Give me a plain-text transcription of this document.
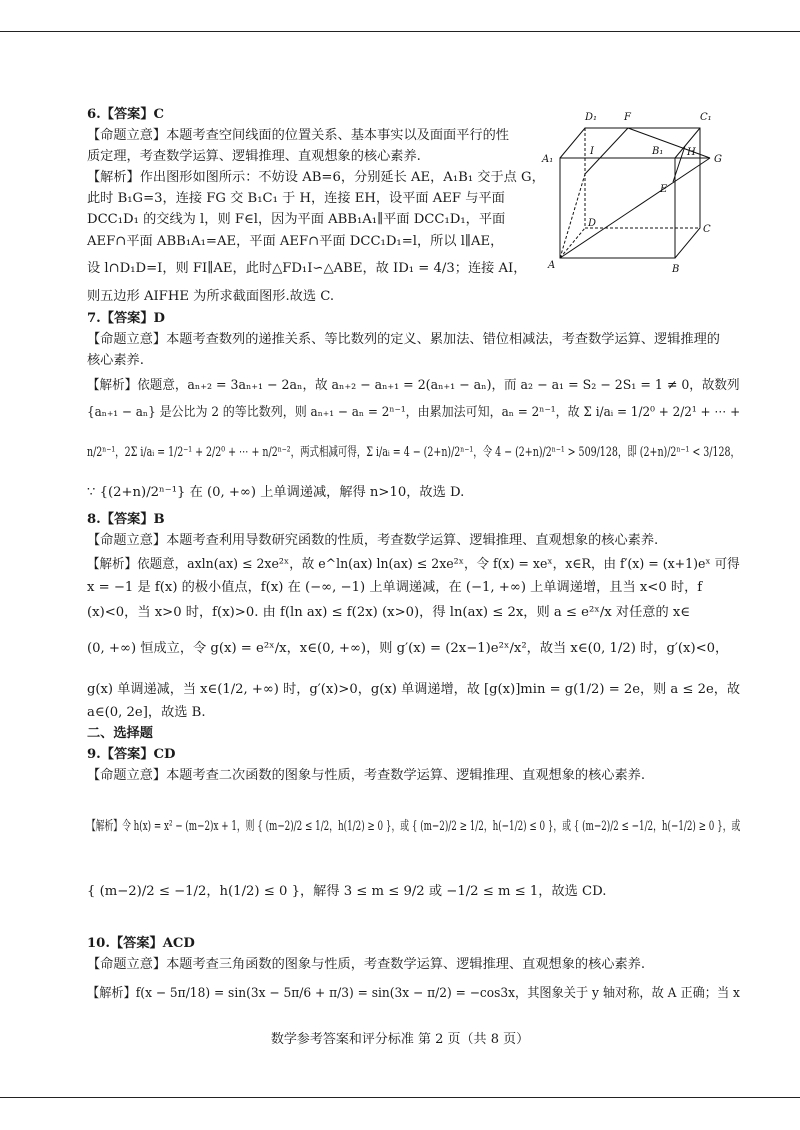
6.【答案】C
【命题立意】本题考查空间线面的位置关系、基本事实以及面面平行的性
质定理，考查数学运算、逻辑推理、直观想象的核心素养.
【解析】作出图形如图所示：不妨设 AB=6，分别延长 AE，A₁B₁ 交于点 G，
此时 B₁G=3，连接 FG 交 B₁C₁ 于 H，连接 EH，设平面 AEF 与平面
DCC₁D₁ 的交线为 l，则 F∈l，因为平面 ABB₁A₁∥平面 DCC₁D₁，平面
AEF∩平面 ABB₁A₁=AE，平面 AEF∩平面 DCC₁D₁=l，所以 l∥AE，
设 l∩D₁D=I，则 FI∥AE，此时△FD₁I∽△ABE，故 ID₁ = 4/3；连接 AI，
则五边形 AIFHE 为所求截面图形.故选 C.
7.【答案】D
【命题立意】本题考查数列的递推关系、等比数列的定义、累加法、错位相减法，考查数学运算、逻辑推理的
核心素养.
【解析】依题意，aₙ₊₂ = 3aₙ₊₁ − 2aₙ，故 aₙ₊₂ − aₙ₊₁ = 2(aₙ₊₁ − aₙ)，而 a₂ − a₁ = S₂ − 2S₁ = 1 ≠ 0，故数列
{aₙ₊₁ − aₙ} 是公比为 2 的等比数列，则 aₙ₊₁ − aₙ = 2ⁿ⁻¹，由累加法可知，aₙ = 2ⁿ⁻¹，故 Σ i/aᵢ = 1/2⁰ + 2/2¹ + ⋯ +
n/2ⁿ⁻¹，2Σ i/aᵢ = 1/2⁻¹ + 2/2⁰ + ⋯ + n/2ⁿ⁻²，两式相减可得，Σ i/aᵢ = 4 − (2+n)/2ⁿ⁻¹，令 4 − (2+n)/2ⁿ⁻¹ > 509/128，即 (2+n)/2ⁿ⁻¹ < 3/128，
∵ {(2+n)/2ⁿ⁻¹} 在 (0, +∞) 上单调递减，解得 n>10，故选 D.
8.【答案】B
【命题立意】本题考查利用导数研究函数的性质，考查数学运算、逻辑推理、直观想象的核心素养.
【解析】依题意，axln(ax) ≤ 2xe²ˣ，故 e^ln(ax) ln(ax) ≤ 2xe²ˣ，令 f(x) = xeˣ，x∈R，由 f′(x) = (x+1)eˣ 可得
x = −1 是 f(x) 的极小值点，f(x) 在 (−∞, −1) 上单调递减，在 (−1, +∞) 上单调递增，且当 x<0 时，f
(x)<0，当 x>0 时，f(x)>0. 由 f(ln ax) ≤ f(2x) (x>0)，得 ln(ax) ≤ 2x，则 a ≤ e²ˣ/x 对任意的 x∈
(0, +∞) 恒成立，令 g(x) = e²ˣ/x，x∈(0, +∞)，则 g′(x) = (2x−1)e²ˣ/x²，故当 x∈(0, 1/2) 时，g′(x)<0，
g(x) 单调递减，当 x∈(1/2, +∞) 时，g′(x)>0，g(x) 单调递增，故 [g(x)]min = g(1/2) = 2e，则 a ≤ 2e，故
a∈(0, 2e]，故选 B.
二、选择题
9.【答案】CD
【命题立意】本题考查二次函数的图象与性质，考查数学运算、逻辑推理、直观想象的核心素养.
【解析】令 h(x) = x² − (m−2)x + 1，则 { (m−2)/2 ≤ 1/2，h(1/2) ≥ 0 }，或 { (m−2)/2 ≥ 1/2，h(−1/2) ≤ 0 }，或 { (m−2)/2 ≤ −1/2，h(−1/2) ≥ 0 }，或
{ (m−2)/2 ≤ −1/2，h(1/2) ≤ 0 }，解得 3 ≤ m ≤ 9/2 或 −1/2 ≤ m ≤ 1，故选 CD.
10.【答案】ACD
【命题立意】本题考查三角函数的图象与性质，考查数学运算、逻辑推理、直观想象的核心素养.
【解析】f(x − 5π/18) = sin(3x − 5π/6 + π/3) = sin(3x − π/2) = −cos3x，其图象关于 y 轴对称，故 A 正确；当 x
D₁	F	C₁
A₁
I	B₁ H
G
E
D
C
A	B
数学参考答案和评分标准 第 2 页（共 8 页）
